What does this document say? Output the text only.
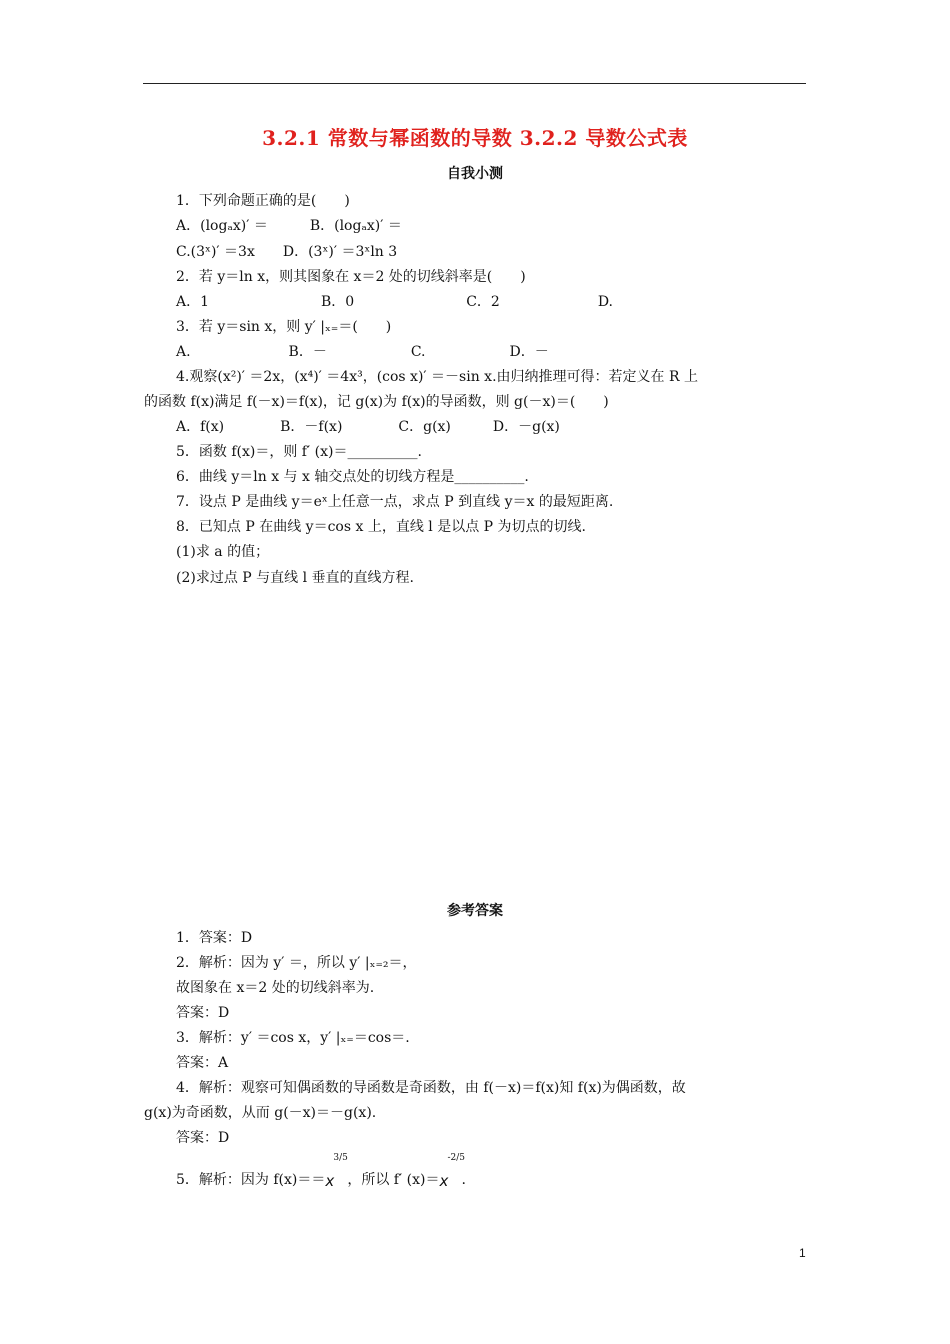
3.2.1 常数与幂函数的导数 3.2.2 导数公式表
自我小测
1．下列命题正确的是(　　)
A．(logₐx)′ ＝　　　B．(logₐx)′ ＝
C.(3ˣ)′ ＝3x　　D．(3ˣ)′ ＝3ˣln 3
2．若 y＝ln x，则其图象在 x＝2 处的切线斜率是(　　)
A．1　　　　　　　　B．0　　　　　　　　C．2　　　　　　　D.
3．若 y＝sin x，则 y′ |ₓ₌＝(　　)
A.　　　　　　　B．－　　　　　　C.　　　　　　D．－
4.观察(x²)′ ＝2x，(x⁴)′ ＝4x³，(cos x)′ ＝－sin x.由归纳推理可得：若定义在 R 上
的函数 f(x)满足 f(－x)＝f(x)，记 g(x)为 f(x)的导函数，则 g(－x)＝(　　)
A．f(x)　　　　B．－f(x)　　　　C．g(x)　　　D．－g(x)
5．函数 f(x)＝，则 f′ (x)＝__________.
6．曲线 y＝ln x 与 x 轴交点处的切线方程是__________.
7．设点 P 是曲线 y＝eˣ上任意一点，求点 P 到直线 y＝x 的最短距离.
8．已知点 P 在曲线 y＝cos x 上，直线 l 是以点 P 为切点的切线.
(1)求 a 的值；
(2)求过点 P 与直线 l 垂直的直线方程.
参考答案
1．答案：D
2．解析：因为 y′ ＝，所以 y′ |ₓ₌₂＝，
故图象在 x＝2 处的切线斜率为.
答案：D
3．解析：y′ ＝cos x，y′ |ₓ₌＝cos＝.
答案：A
4．解析：观察可知偶函数的导函数是奇函数，由 f(－x)＝f(x)知 f(x)为偶函数，故
g(x)为奇函数，从而 g(－x)＝－g(x).
答案：D
5．解析：因为 f(x)＝＝ x
3/5
，所以 f′ (x)＝ x
-2/5
.
1
